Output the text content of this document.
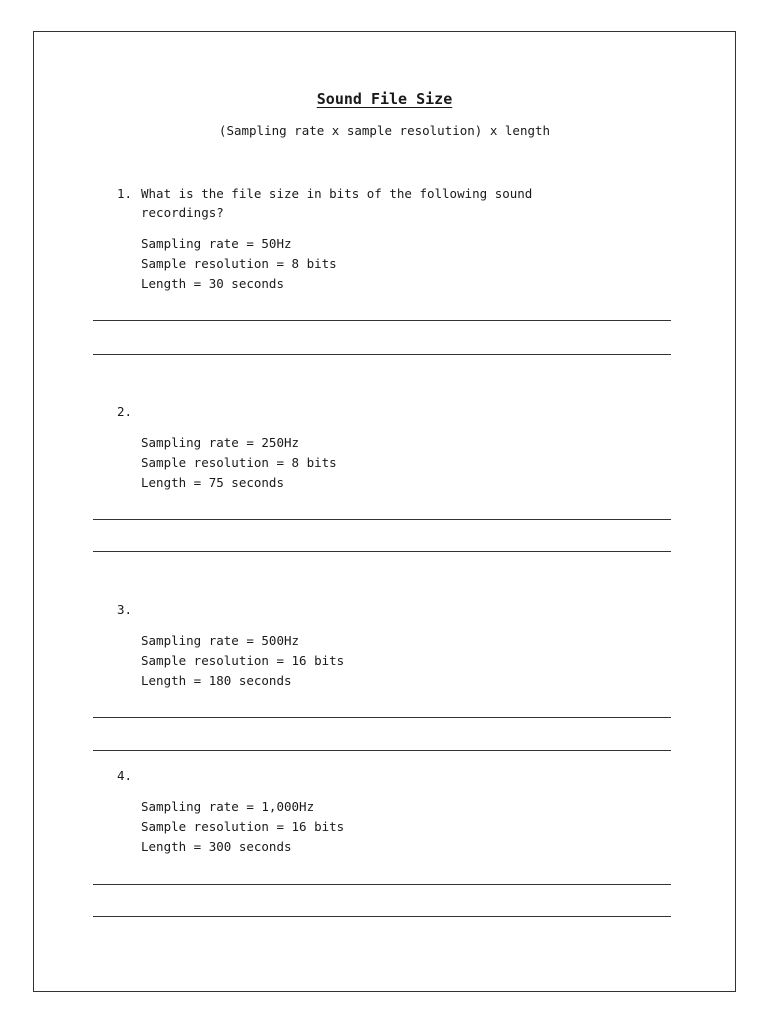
Sound File Size
(Sampling rate x sample resolution) x length
1. What is the file size in bits of the following sound recordings?
Sampling rate = 50Hz
Sample resolution = 8 bits
Length = 30 seconds
2.
Sampling rate = 250Hz
Sample resolution = 8 bits
Length = 75 seconds
3.
Sampling rate = 500Hz
Sample resolution = 16 bits
Length = 180 seconds
4.
Sampling rate = 1,000Hz
Sample resolution = 16 bits
Length = 300 seconds
